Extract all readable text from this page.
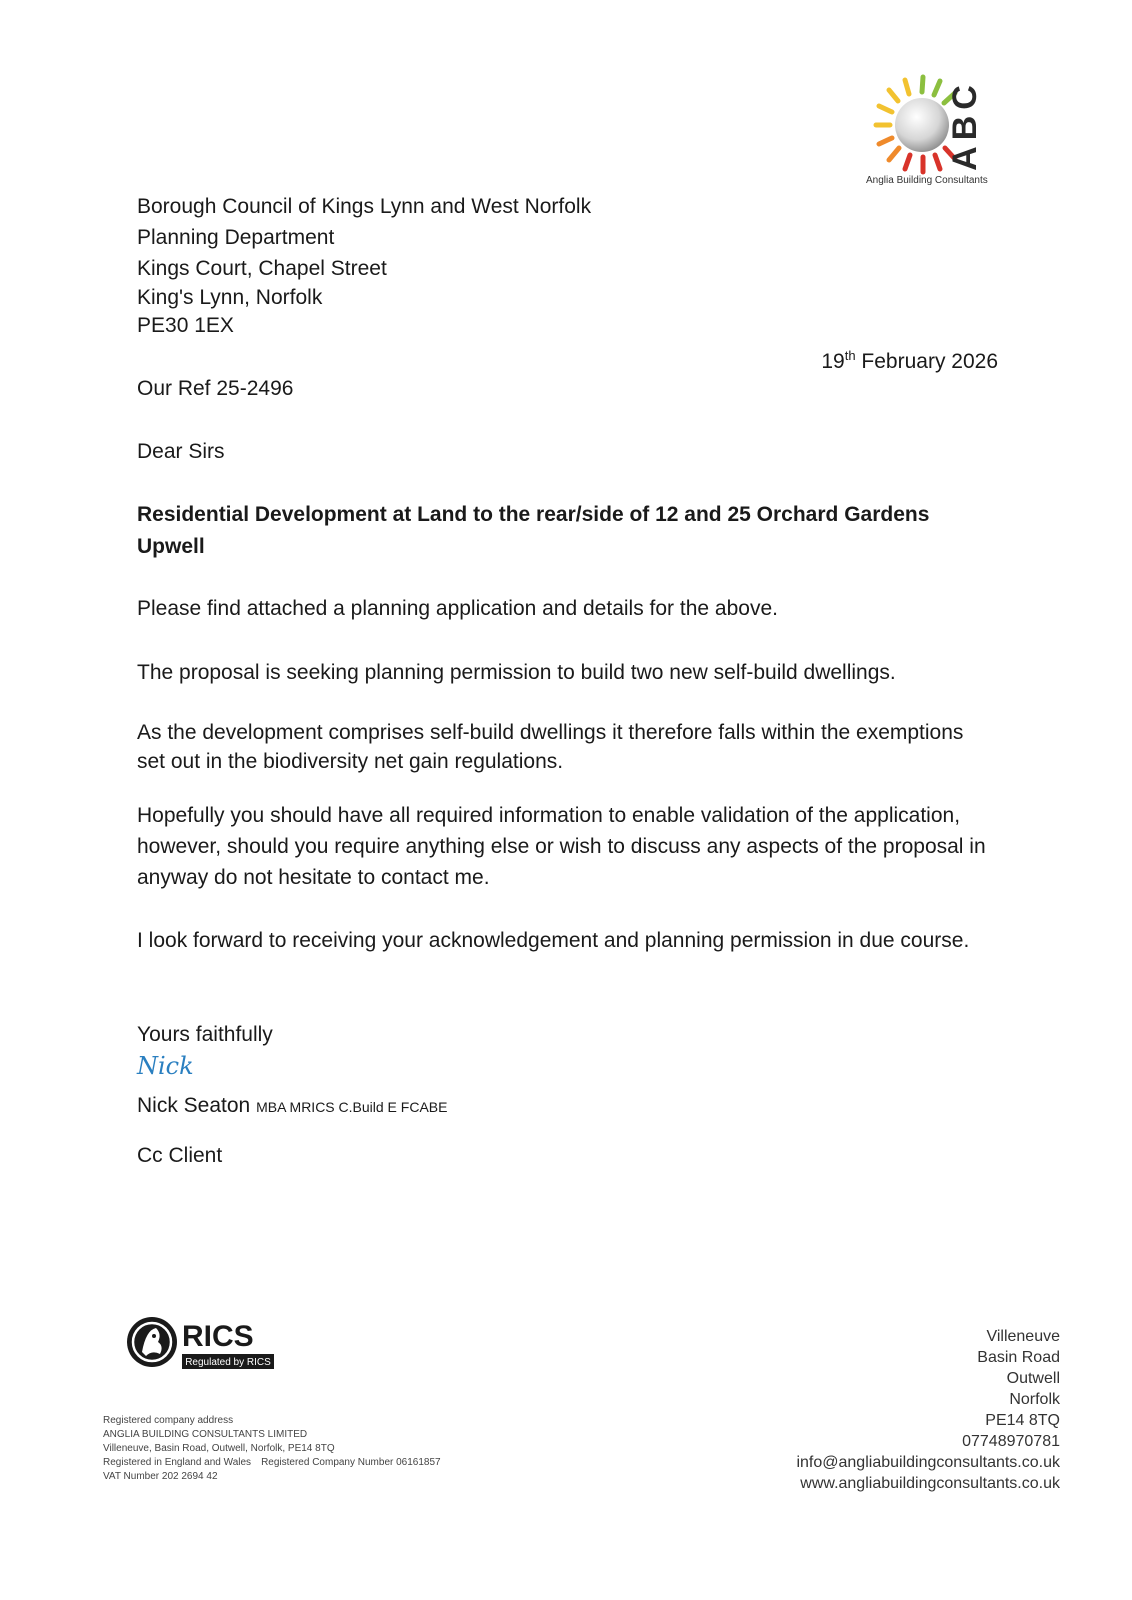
ABC
Anglia Building Consultants
Borough Council of Kings Lynn and West Norfolk
Planning Department
Kings Court, Chapel Street
King's Lynn, Norfolk
PE30 1EX
19th February 2026
Our Ref 25-2496
Dear Sirs
Residential Development at Land to the rear/side of 12 and 25 Orchard Gardens
Upwell
Please find attached a planning application and details for the above.
The proposal is seeking planning permission to build two new self-build dwellings.
As the development comprises self-build dwellings it therefore falls within the exemptions set out in the biodiversity net gain regulations.
Hopefully you should have all required information to enable validation of the application, however, should you require anything else or wish to discuss any aspects of the proposal in anyway do not hesitate to contact me.
I look forward to receiving your acknowledgement and planning permission in due course.
Yours faithfully
Nick
Nick Seaton MBA MRICS C.Build E FCABE
Cc Client
RICS
Regulated by RICS
Registered company address
ANGLIA BUILDING CONSULTANTS LIMITED
Villeneuve, Basin Road, Outwell, Norfolk, PE14 8TQ
Registered in England and Wales Registered Company Number 06161857
VAT Number 202 2694 42
Villeneuve
Basin Road
Outwell
Norfolk
PE14 8TQ
07748970781
info@angliabuildingconsultants.co.uk
www.angliabuildingconsultants.co.uk
